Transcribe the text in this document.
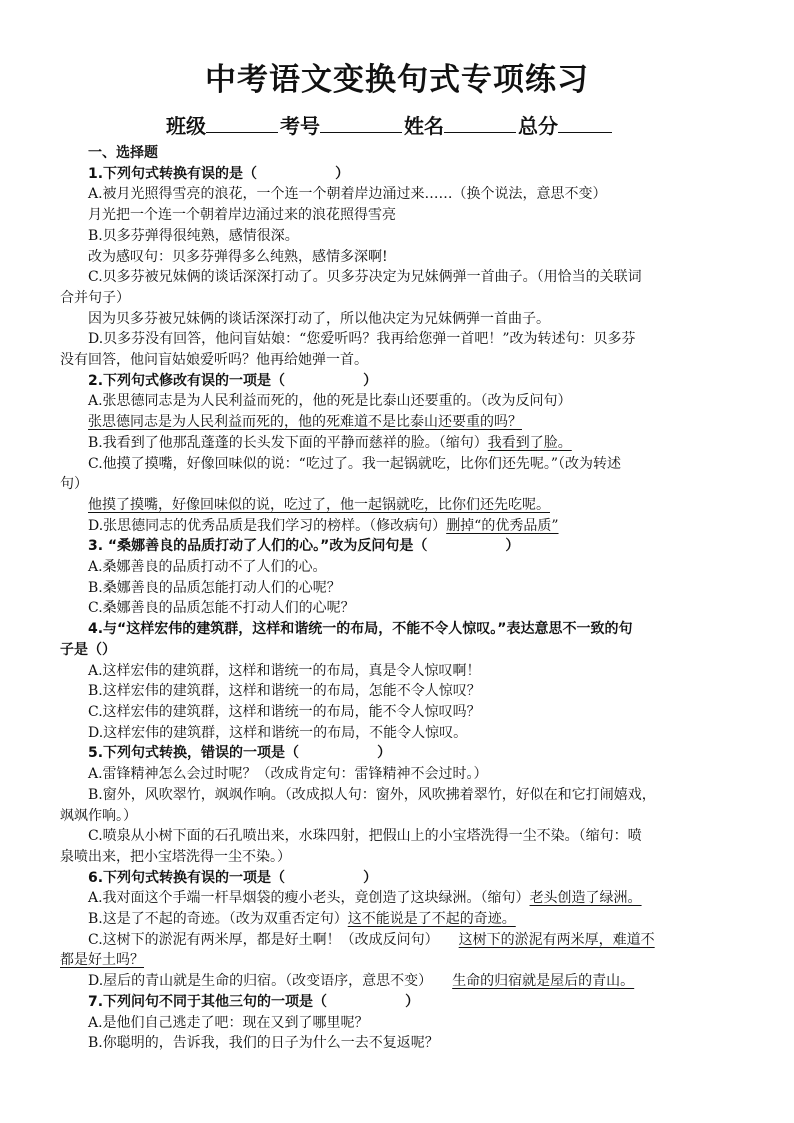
中考语文变换句式专项练习
班级	考号	姓名	总分
一、选择题
1.下列句式转换有误的是（	）
A.被月光照得雪亮的浪花，一个连一个朝着岸边涌过来……（换个说法，意思不变）
月光把一个连一个朝着岸边涌过来的浪花照得雪亮
B.贝多芬弹得很纯熟，感情很深。
改为感叹句：贝多芬弹得多么纯熟，感情多深啊!
C.贝多芬被兄妹俩的谈话深深打动了。贝多芬决定为兄妹俩弹一首曲子。（用恰当的关联词
合并句子）
因为贝多芬被兄妹俩的谈话深深打动了，所以他决定为兄妹俩弹一首曲子。
D.贝多芬没有回答，他问盲姑娘：“您爱听吗？我再给您弹一首吧！”改为转述句：贝多芬
没有回答，他问盲姑娘爱听吗？他再给她弹一首。
2.下列句式修改有误的一项是（	）
A.张思德同志是为人民利益而死的，他的死是比泰山还要重的。（改为反问句）
张思德同志是为人民利益而死的，他的死难道不是比泰山还要重的吗？
B.我看到了他那乱蓬蓬的长头发下面的平静而慈祥的脸。（缩句）我看到了脸。
C.他摸了摸嘴，好像回味似的说：“吃过了。我一起锅就吃，比你们还先呢。”（改为转述
句）
他摸了摸嘴，好像回味似的说，吃过了，他一起锅就吃，比你们还先吃呢。
D.张思德同志的优秀品质是我们学习的榜样。（修改病句）删掉“的优秀品质”
3. “桑娜善良的品质打动了人们的心。”改为反问句是（	）
A.桑娜善良的品质打动不了人们的心。
B.桑娜善良的品质怎能打动人们的心呢？
C.桑娜善良的品质怎能不打动人们的心呢？
4.与“这样宏伟的建筑群，这样和谐统一的布局，不能不令人惊叹。”表达意思不一致的句
子是（）
A.这样宏伟的建筑群，这样和谐统一的布局，真是令人惊叹啊！
B.这样宏伟的建筑群，这样和谐统一的布局，怎能不令人惊叹？
C.这样宏伟的建筑群，这样和谐统一的布局，能不令人惊叹吗？
D.这样宏伟的建筑群，这样和谐统一的布局，不能令人惊叹。
5.下列句式转换，错误的一项是（	）
A.雷锋精神怎么会过时呢？（改成肯定句：雷锋精神不会过时。）
B.窗外，风吹翠竹，飒飒作响。（改成拟人句：窗外，风吹拂着翠竹，好似在和它打闹嬉戏，
飒飒作响。）
C.喷泉从小树下面的石孔喷出来，水珠四射，把假山上的小宝塔洗得一尘不染。（缩句：喷
泉喷出来，把小宝塔洗得一尘不染。）
6.下列句式转换有误的一项是（	）
A.我对面这个手端一杆旱烟袋的瘦小老头，竟创造了这块绿洲。（缩句）老头创造了绿洲。
B.这是了不起的奇迹。（改为双重否定句）这不能说是了不起的奇迹。
C.这树下的淤泥有两米厚，都是好土啊！（改成反问句） 这树下的淤泥有两米厚，难道不
都是好土吗？
D.屋后的青山就是生命的归宿。（改变语序，意思不变） 生命的归宿就是屋后的青山。
7.下列问句不同于其他三句的一项是（	）
A.是他们自己逃走了吧：现在又到了哪里呢？
B.你聪明的，告诉我，我们的日子为什么一去不复返呢？
